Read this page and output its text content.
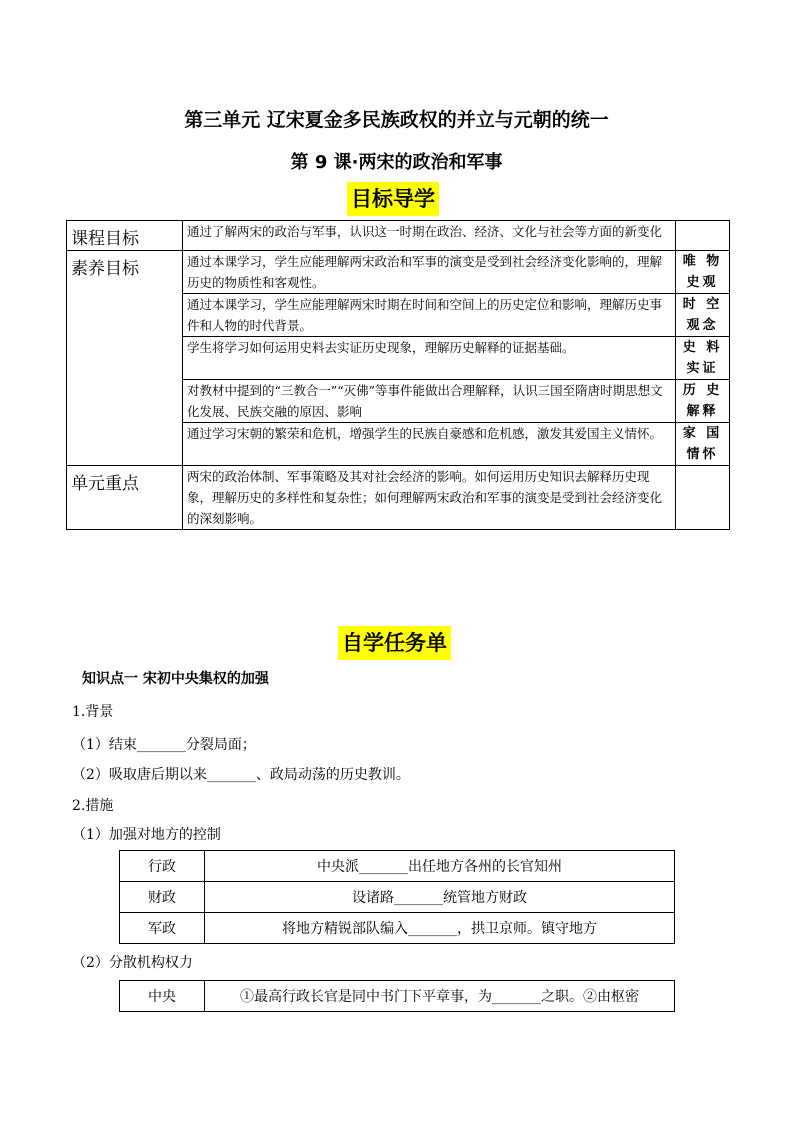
第三单元 辽宋夏金多民族政权的并立与元朝的统一
第 9 课·两宋的政治和军事
目标导学
课程目标	通过了解两宋的政治与军事，认识这一时期在政治、经济、文化与社会等方面的新变化	
素养目标	通过本课学习，学生应能理解两宋政治和军事的演变是受到社会经济变化影响的，理解历史的物质性和客观性。	唯 物
史观
	通过本课学习，学生应能理解两宋时期在时间和空间上的历史定位和影响，理解历史事件和人物的时代背景。	时 空
观念
	学生将学习如何运用史料去实证历史现象，理解历史解释的证据基础。	史 料
实证
	对教材中提到的“三教合一”“灭佛”等事件能做出合理解释，认识三国至隋唐时期思想文化发展、民族交融的原因、影响	历 史
解释
	通过学习宋朝的繁荣和危机，增强学生的民族自豪感和危机感，激发其爱国主义情怀。	家 国
情怀
单元重点	两宋的政治体制、军事策略及其对社会经济的影响。如何运用历史知识去解释历史现象，理解历史的多样性和复杂性；如何理解两宋政治和军事的演变是受到社会经济变化的深刻影响。	
自学任务单
知识点一 宋初中央集权的加强
1.背景
（1）结束_______分裂局面；
（2）吸取唐后期以来_______、政局动荡的历史教训。
2.措施
（1）加强对地方的控制
行政	中央派_______出任地方各州的长官知州
财政	设诸路_______统管地方财政
军政	将地方精锐部队编入_______，拱卫京师。镇守地方
（2）分散机构权力
中央	①最高行政长官是同中书门下平章事，为_______之职。②由枢密
